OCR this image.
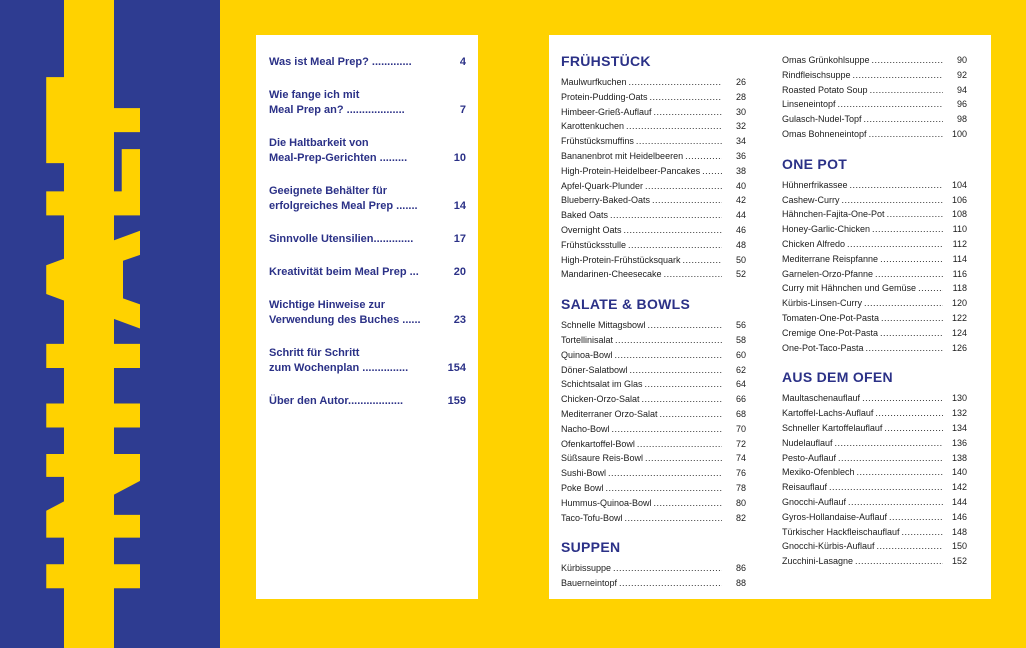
INHALT
Was ist Meal Prep? .............	4
Wie fange ich mit
Meal Prep an? ...................	7
Die Haltbarkeit von
Meal-Prep-Gerichten .........	10
Geeignete Behälter für
erfolgreiches Meal Prep .......	14
Sinnvolle Utensilien.............	17
Kreativität beim Meal Prep ...	20
Wichtige Hinweise zur
Verwendung des Buches ......	23
Schritt für Schritt
zum Wochenplan ...............	154
Über den Autor..................	159
FRÜHSTÜCK
Maulwurfkuchen .....	26
Protein-Pudding-Oats .....	28
Himbeer-Grieß-Auflauf .....	30
Karottenkuchen .....	32
Frühstücksmuffins .....	34
Bananenbrot mit Heidelbeeren .....	36
High-Protein-Heidelbeer-Pancakes .....	38
Apfel-Quark-Plunder .....	40
Blueberry-Baked-Oats .....	42
Baked Oats .....	44
Overnight Oats .....	46
Frühstücksstulle .....	48
High-Protein-Frühstücksquark .....	50
Mandarinen-Cheesecake .....	52
SALATE & BOWLS
Schnelle Mittagsbowl .....	56
Tortellinisalat .....	58
Quinoa-Bowl .....	60
Döner-Salatbowl .....	62
Schichtsalat im Glas .....	64
Chicken-Orzo-Salat .....	66
Mediterraner Orzo-Salat .....	68
Nacho-Bowl .....	70
Ofenkartoffel-Bowl .....	72
Süßsaure Reis-Bowl .....	74
Sushi-Bowl .....	76
Poke Bowl .....	78
Hummus-Quinoa-Bowl .....	80
Taco-Tofu-Bowl .....	82
SUPPEN
Kürbissuppe .....	86
Bauerneintopf .....	88
Omas Grünkohlsuppe .....	90
Rindfleischsuppe .....	92
Roasted Potato Soup .....	94
Linseneintopf .....	96
Gulasch-Nudel-Topf .....	98
Omas Bohneneintopf .....	100
ONE POT
Hühnerfrikassee .....	104
Cashew-Curry .....	106
Hähnchen-Fajita-One-Pot .....	108
Honey-Garlic-Chicken .....	110
Chicken Alfredo .....	112
Mediterrane Reispfanne .....	114
Garnelen-Orzo-Pfanne .....	116
Curry mit Hähnchen und Gemüse .....	118
Kürbis-Linsen-Curry .....	120
Tomaten-One-Pot-Pasta .....	122
Cremige One-Pot-Pasta .....	124
One-Pot-Taco-Pasta .....	126
AUS DEM OFEN
Maultaschenauflauf .....	130
Kartoffel-Lachs-Auflauf .....	132
Schneller Kartoffelauflauf .....	134
Nudelauflauf .....	136
Pesto-Auflauf .....	138
Mexiko-Ofenblech .....	140
Reisauflauf .....	142
Gnocchi-Auflauf .....	144
Gyros-Hollandaise-Auflauf .....	146
Türkischer Hackfleischauflauf .....	148
Gnocchi-Kürbis-Auflauf .....	150
Zucchini-Lasagne .....	152
